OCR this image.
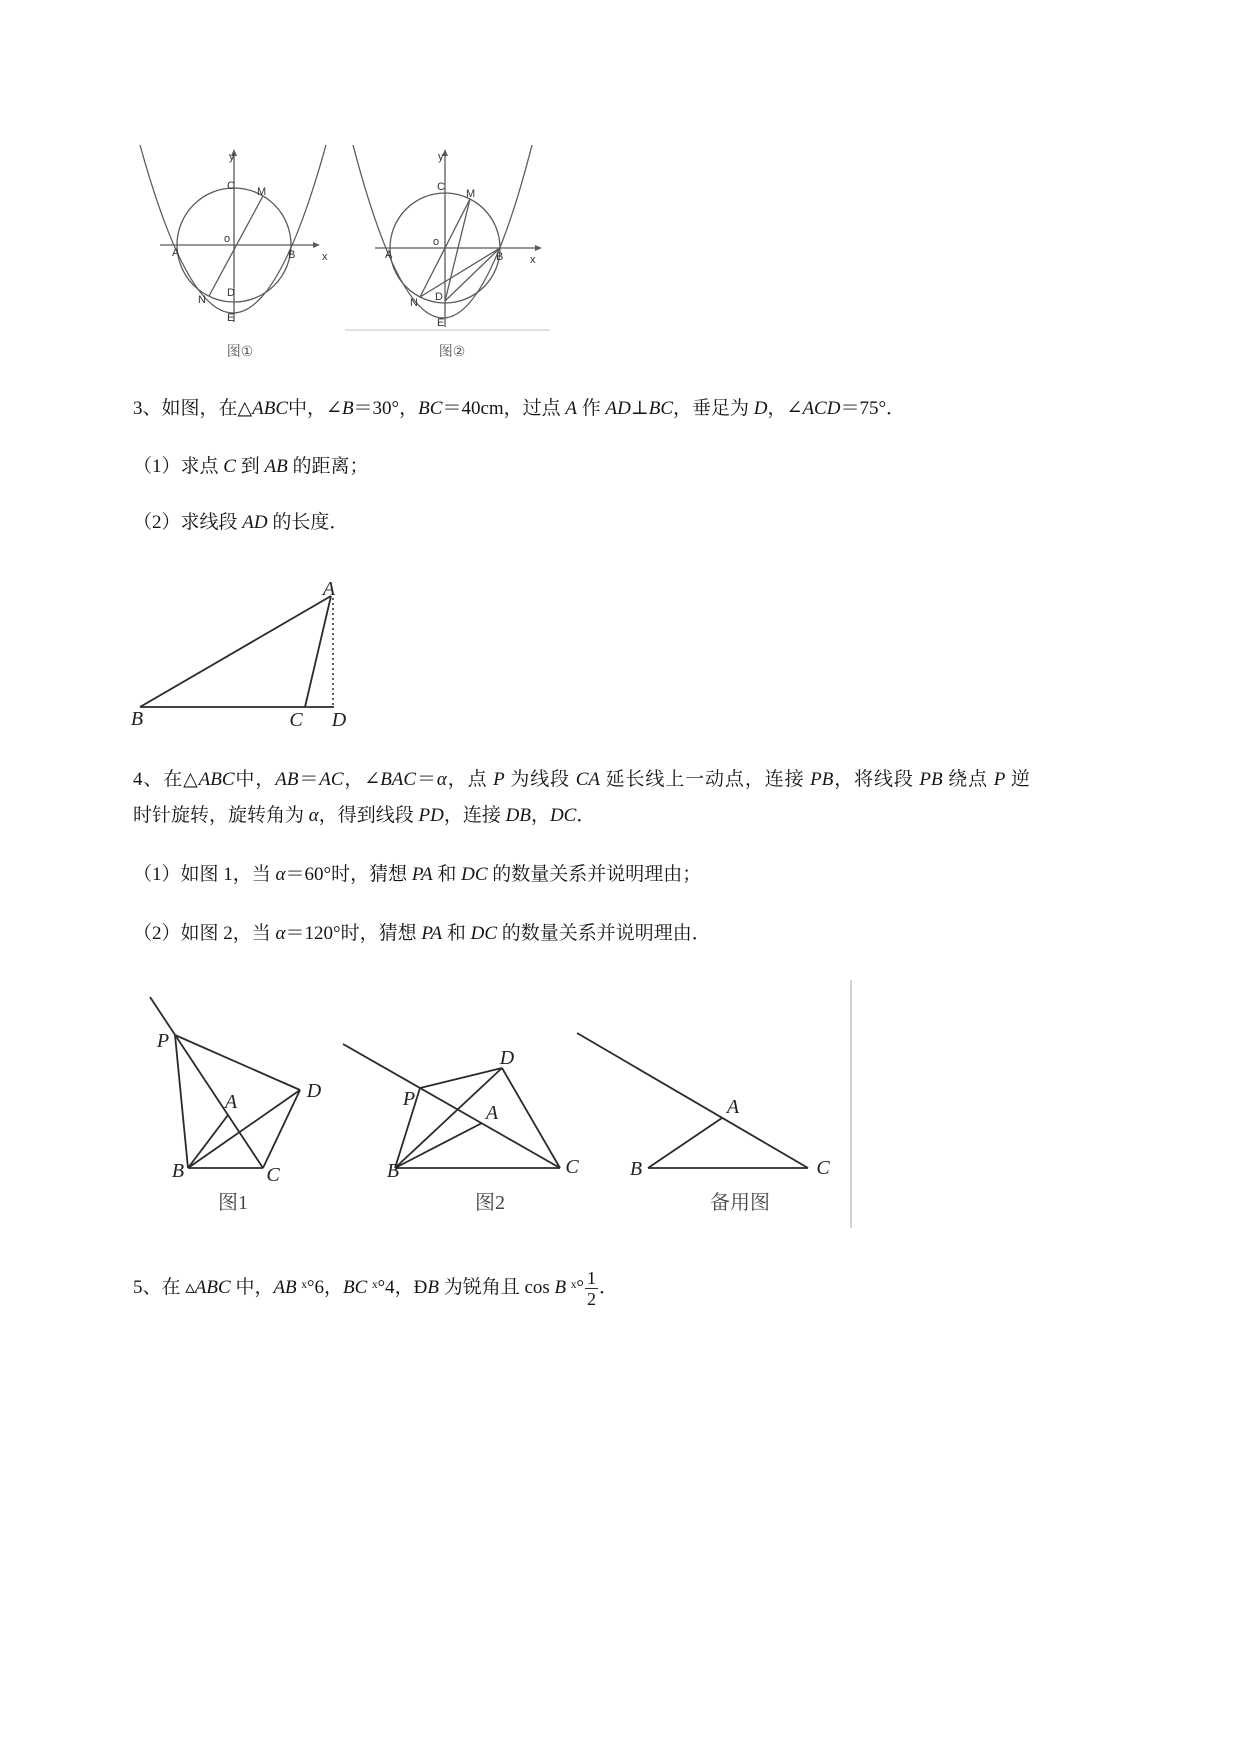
y
C M
o
A	B x
N
D
E
图①
y
C
M
o
A	B x
N D
E
图②
A
B	C D
P
A	D
B	C
图1
D
P
A
B	C
图2
A
B	C
备用图
3、如图，在△ABC中，∠B＝30°，BC＝40cm，过点 A 作 AD⊥BC，垂足为 D，∠ACD＝75°．
（1）求点 C 到 AB 的距离；
（2）求线段 AD 的长度．
4、在△ABC中，AB＝AC，∠BAC＝α，点 P 为线段 CA 延长线上一动点，连接 PB，将线段 PB 绕点 P 逆
时针旋转，旋转角为 α，得到线段 PD，连接 DB，DC．
（1）如图 1，当 α＝60°时，猜想 PA 和 DC 的数量关系并说明理由；
（2）如图 2，当 α＝120°时，猜想 PA 和 DC 的数量关系并说明理由．
5、在 ▵ABC 中，AB ˣ°6，BC ˣ°4，ÐB 为锐角且 cos B ˣ° $\frac{1}{2}$ ．
